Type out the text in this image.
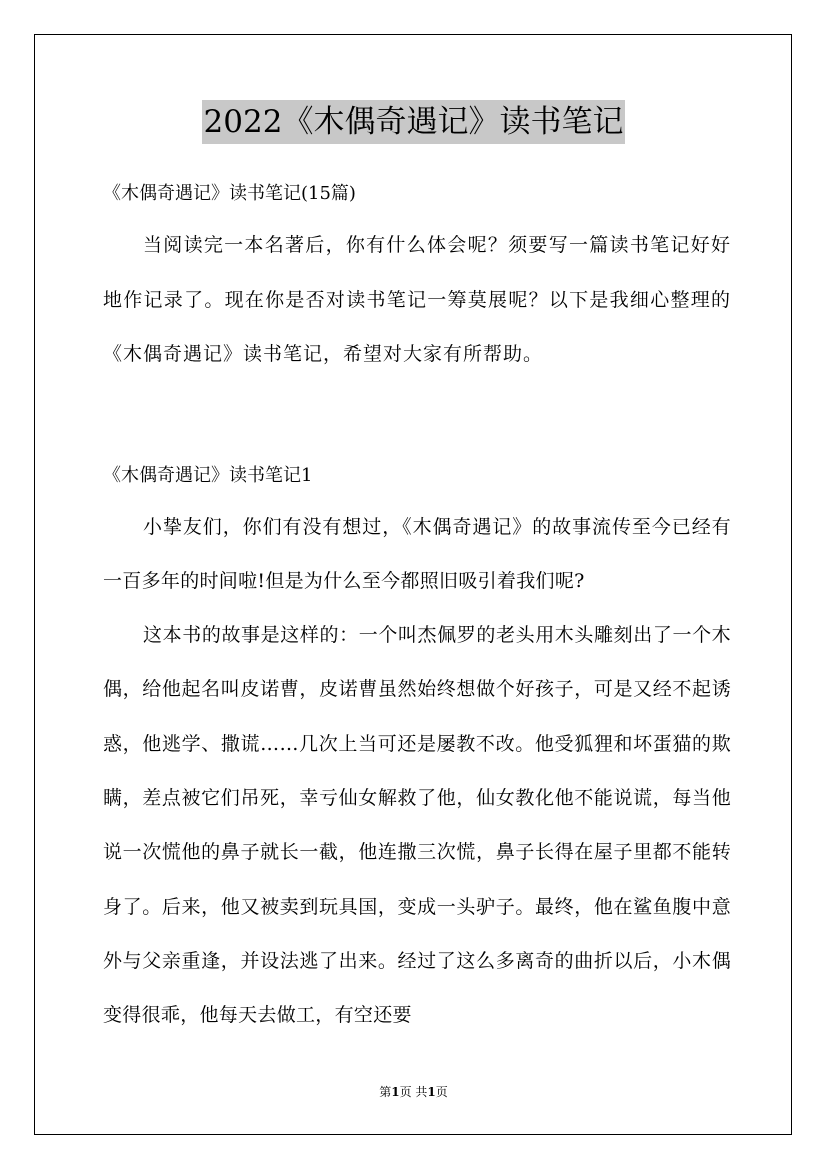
2022《木偶奇遇记》读书笔记

《木偶奇遇记》读书笔记(15篇)

当阅读完一本名著后，你有什么体会呢？须要写一篇读书笔记好好地作记录了。现在你是否对读书笔记一筹莫展呢？以下是我细心整理的《木偶奇遇记》读书笔记，希望对大家有所帮助。

《木偶奇遇记》读书笔记1

小挚友们，你们有没有想过，《木偶奇遇记》的故事流传至今已经有一百多年的时间啦!但是为什么至今都照旧吸引着我们呢?

这本书的故事是这样的：一个叫杰佩罗的老头用木头雕刻出了一个木偶，给他起名叫皮诺曹，皮诺曹虽然始终想做个好孩子，可是又经不起诱惑，他逃学、撒谎……几次上当可还是屡教不改。他受狐狸和坏蛋猫的欺瞒，差点被它们吊死，幸亏仙女解救了他，仙女教化他不能说谎，每当他说一次慌他的鼻子就长一截，他连撒三次慌，鼻子长得在屋子里都不能转身了。后来，他又被卖到玩具国，变成一头驴子。最终，他在鲨鱼腹中意外与父亲重逢，并设法逃了出来。经过了这么多离奇的曲折以后，小木偶变得很乖，他每天去做工，有空还要

第1页 共1页
